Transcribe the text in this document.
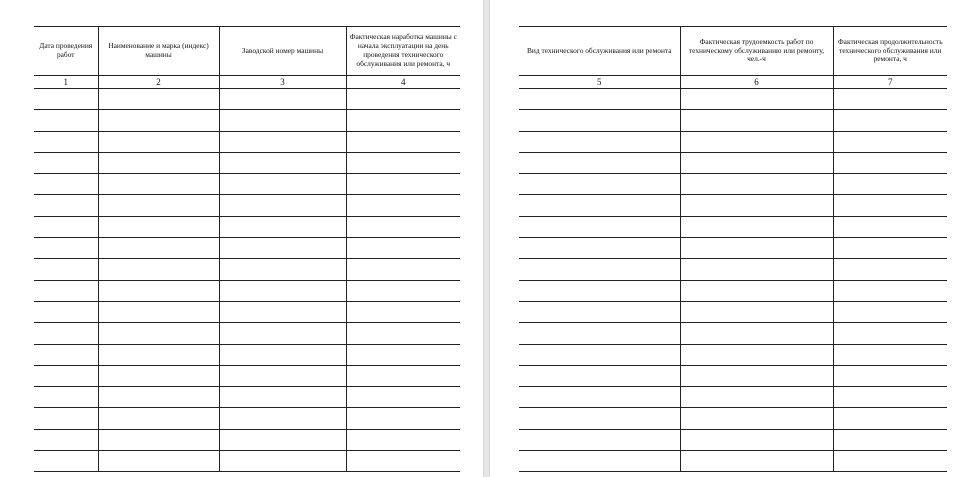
Дата проведения работ	Наименование и марка (индекс) машины	Заводской номер машины	Фактическая наработка машины с начала эксплуатации на день проведения технического обслуживания или ремонта, ч
1	2	3	4

Вид технического обслуживания или ремонта	Фактическая трудоемкость работ по техническому обслуживанию или ремонту, чел.-ч	Фактическая продолжительность технического обслуживания или ремонта, ч
5	6	7
